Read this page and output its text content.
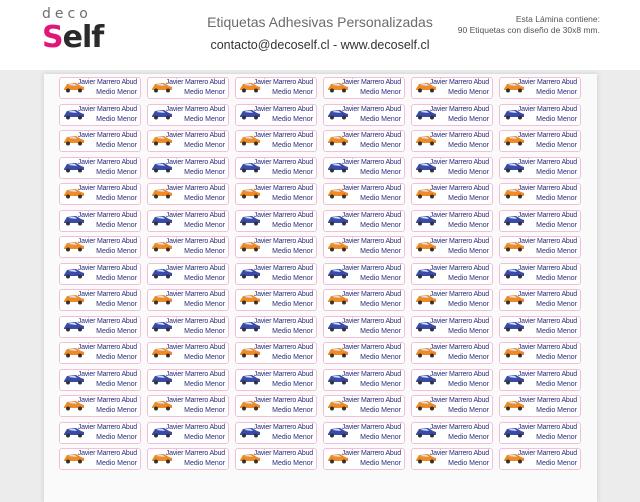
deco
Self	Etiquetas Adhesivas Personalizadas
contacto@decoself.cl - www.decoself.cl
Esta Lámina contiene:
90 Etiquetas con diseño de 30x8 mm.
Javier Marrero Abud
Medio Menor
Javier Marrero Abud
Medio Menor
Javier Marrero Abud
Medio Menor
Javier Marrero Abud
Medio Menor
Javier Marrero Abud
Medio Menor
Javier Marrero Abud
Medio Menor
Javier Marrero Abud
Medio Menor
Javier Marrero Abud
Medio Menor
Javier Marrero Abud
Medio Menor
Javier Marrero Abud
Medio Menor
Javier Marrero Abud
Medio Menor
Javier Marrero Abud
Medio Menor
Javier Marrero Abud
Medio Menor
Javier Marrero Abud
Medio Menor
Javier Marrero Abud
Medio Menor
Javier Marrero Abud
Medio Menor
Javier Marrero Abud
Medio Menor
Javier Marrero Abud
Medio Menor
Javier Marrero Abud
Medio Menor
Javier Marrero Abud
Medio Menor
Javier Marrero Abud
Medio Menor
Javier Marrero Abud
Medio Menor
Javier Marrero Abud
Medio Menor
Javier Marrero Abud
Medio Menor
Javier Marrero Abud
Medio Menor
Javier Marrero Abud
Medio Menor
Javier Marrero Abud
Medio Menor
Javier Marrero Abud
Medio Menor
Javier Marrero Abud
Medio Menor
Javier Marrero Abud
Medio Menor
Javier Marrero Abud
Medio Menor
Javier Marrero Abud
Medio Menor
Javier Marrero Abud
Medio Menor
Javier Marrero Abud
Medio Menor
Javier Marrero Abud
Medio Menor
Javier Marrero Abud
Medio Menor
Javier Marrero Abud
Medio Menor
Javier Marrero Abud
Medio Menor
Javier Marrero Abud
Medio Menor
Javier Marrero Abud
Medio Menor
Javier Marrero Abud
Medio Menor
Javier Marrero Abud
Medio Menor
Javier Marrero Abud
Medio Menor
Javier Marrero Abud
Medio Menor
Javier Marrero Abud
Medio Menor
Javier Marrero Abud
Medio Menor
Javier Marrero Abud
Medio Menor
Javier Marrero Abud
Medio Menor
Javier Marrero Abud
Medio Menor
Javier Marrero Abud
Medio Menor
Javier Marrero Abud
Medio Menor
Javier Marrero Abud
Medio Menor
Javier Marrero Abud
Medio Menor
Javier Marrero Abud
Medio Menor
Javier Marrero Abud
Medio Menor
Javier Marrero Abud
Medio Menor
Javier Marrero Abud
Medio Menor
Javier Marrero Abud
Medio Menor
Javier Marrero Abud
Medio Menor
Javier Marrero Abud
Medio Menor
Javier Marrero Abud
Medio Menor
Javier Marrero Abud
Medio Menor
Javier Marrero Abud
Medio Menor
Javier Marrero Abud
Medio Menor
Javier Marrero Abud
Medio Menor
Javier Marrero Abud
Medio Menor
Javier Marrero Abud
Medio Menor
Javier Marrero Abud
Medio Menor
Javier Marrero Abud
Medio Menor
Javier Marrero Abud
Medio Menor
Javier Marrero Abud
Medio Menor
Javier Marrero Abud
Medio Menor
Javier Marrero Abud
Medio Menor
Javier Marrero Abud
Medio Menor
Javier Marrero Abud
Medio Menor
Javier Marrero Abud
Medio Menor
Javier Marrero Abud
Medio Menor
Javier Marrero Abud
Medio Menor
Javier Marrero Abud
Medio Menor
Javier Marrero Abud
Medio Menor
Javier Marrero Abud
Medio Menor
Javier Marrero Abud
Medio Menor
Javier Marrero Abud
Medio Menor
Javier Marrero Abud
Medio Menor
Javier Marrero Abud
Medio Menor
Javier Marrero Abud
Medio Menor
Javier Marrero Abud
Medio Menor
Javier Marrero Abud
Medio Menor
Javier Marrero Abud
Medio Menor
Javier Marrero Abud
Medio Menor
